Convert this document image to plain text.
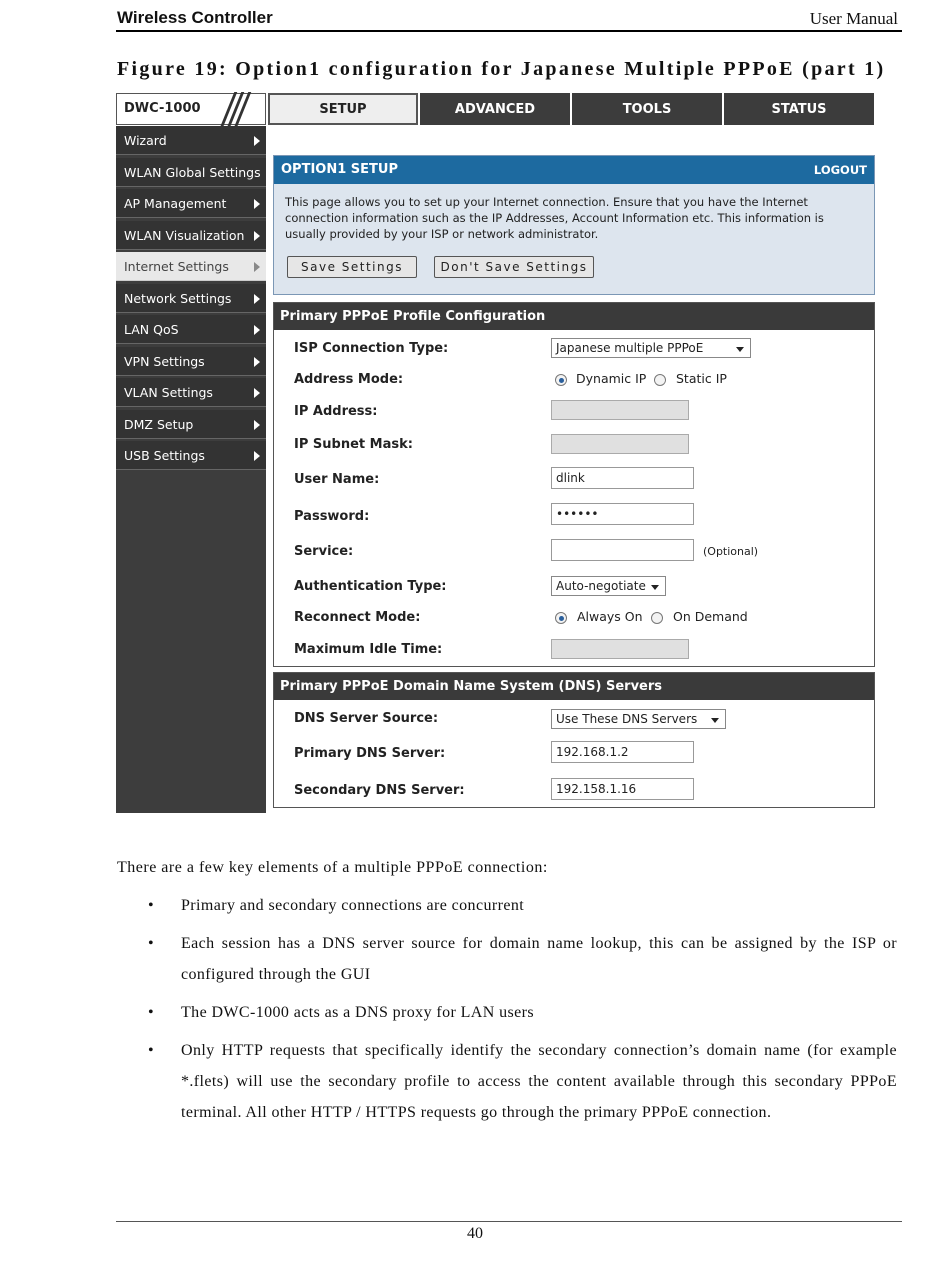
Wireless Controller	User Manual
Figure 19: Option1 configuration for Japanese Multiple PPPoE (part 1)
DWC-1000	SETUP	ADVANCED	TOOLS	STATUS
Wizard
WLAN Global Settings
AP Management
WLAN Visualization
Internet Settings
Network Settings
LAN QoS
VPN Settings
VLAN Settings
DMZ Setup
USB Settings
OPTION1 SETUP	LOGOUT
This page allows you to set up your Internet connection. Ensure that you have the Internet connection information such as the IP Addresses, Account Information etc. This information is usually provided by your ISP or network administrator.
Save Settings	Don't Save Settings
Primary PPPoE Profile Configuration
ISP Connection Type:	Japanese multiple PPPoE
Address Mode:	Dynamic IP Static IP
IP Address:
IP Subnet Mask:
User Name:	dlink
Password:	••••••
Service:	(Optional)
Authentication Type:	Auto-negotiate
Reconnect Mode:	Always On On Demand
Maximum Idle Time:
Primary PPPoE Domain Name System (DNS) Servers
DNS Server Source:	Use These DNS Servers
Primary DNS Server:	192.168.1.2
Secondary DNS Server:	192.158.1.16
There are a few key elements of a multiple PPPoE connection:
• Primary and secondary connections are concurrent
• Each session has a DNS server source for domain name lookup, this can be assigned by the ISP or configured through the GUI
• The DWC-1000 acts as a DNS proxy for LAN users
• Only HTTP requests that specifically identify the secondary connection’s domain name (for example *.flets) will use the secondary profile to access the content available through this secondary PPPoE terminal. All other HTTP / HTTPS requests go through the primary PPPoE connection.
40
